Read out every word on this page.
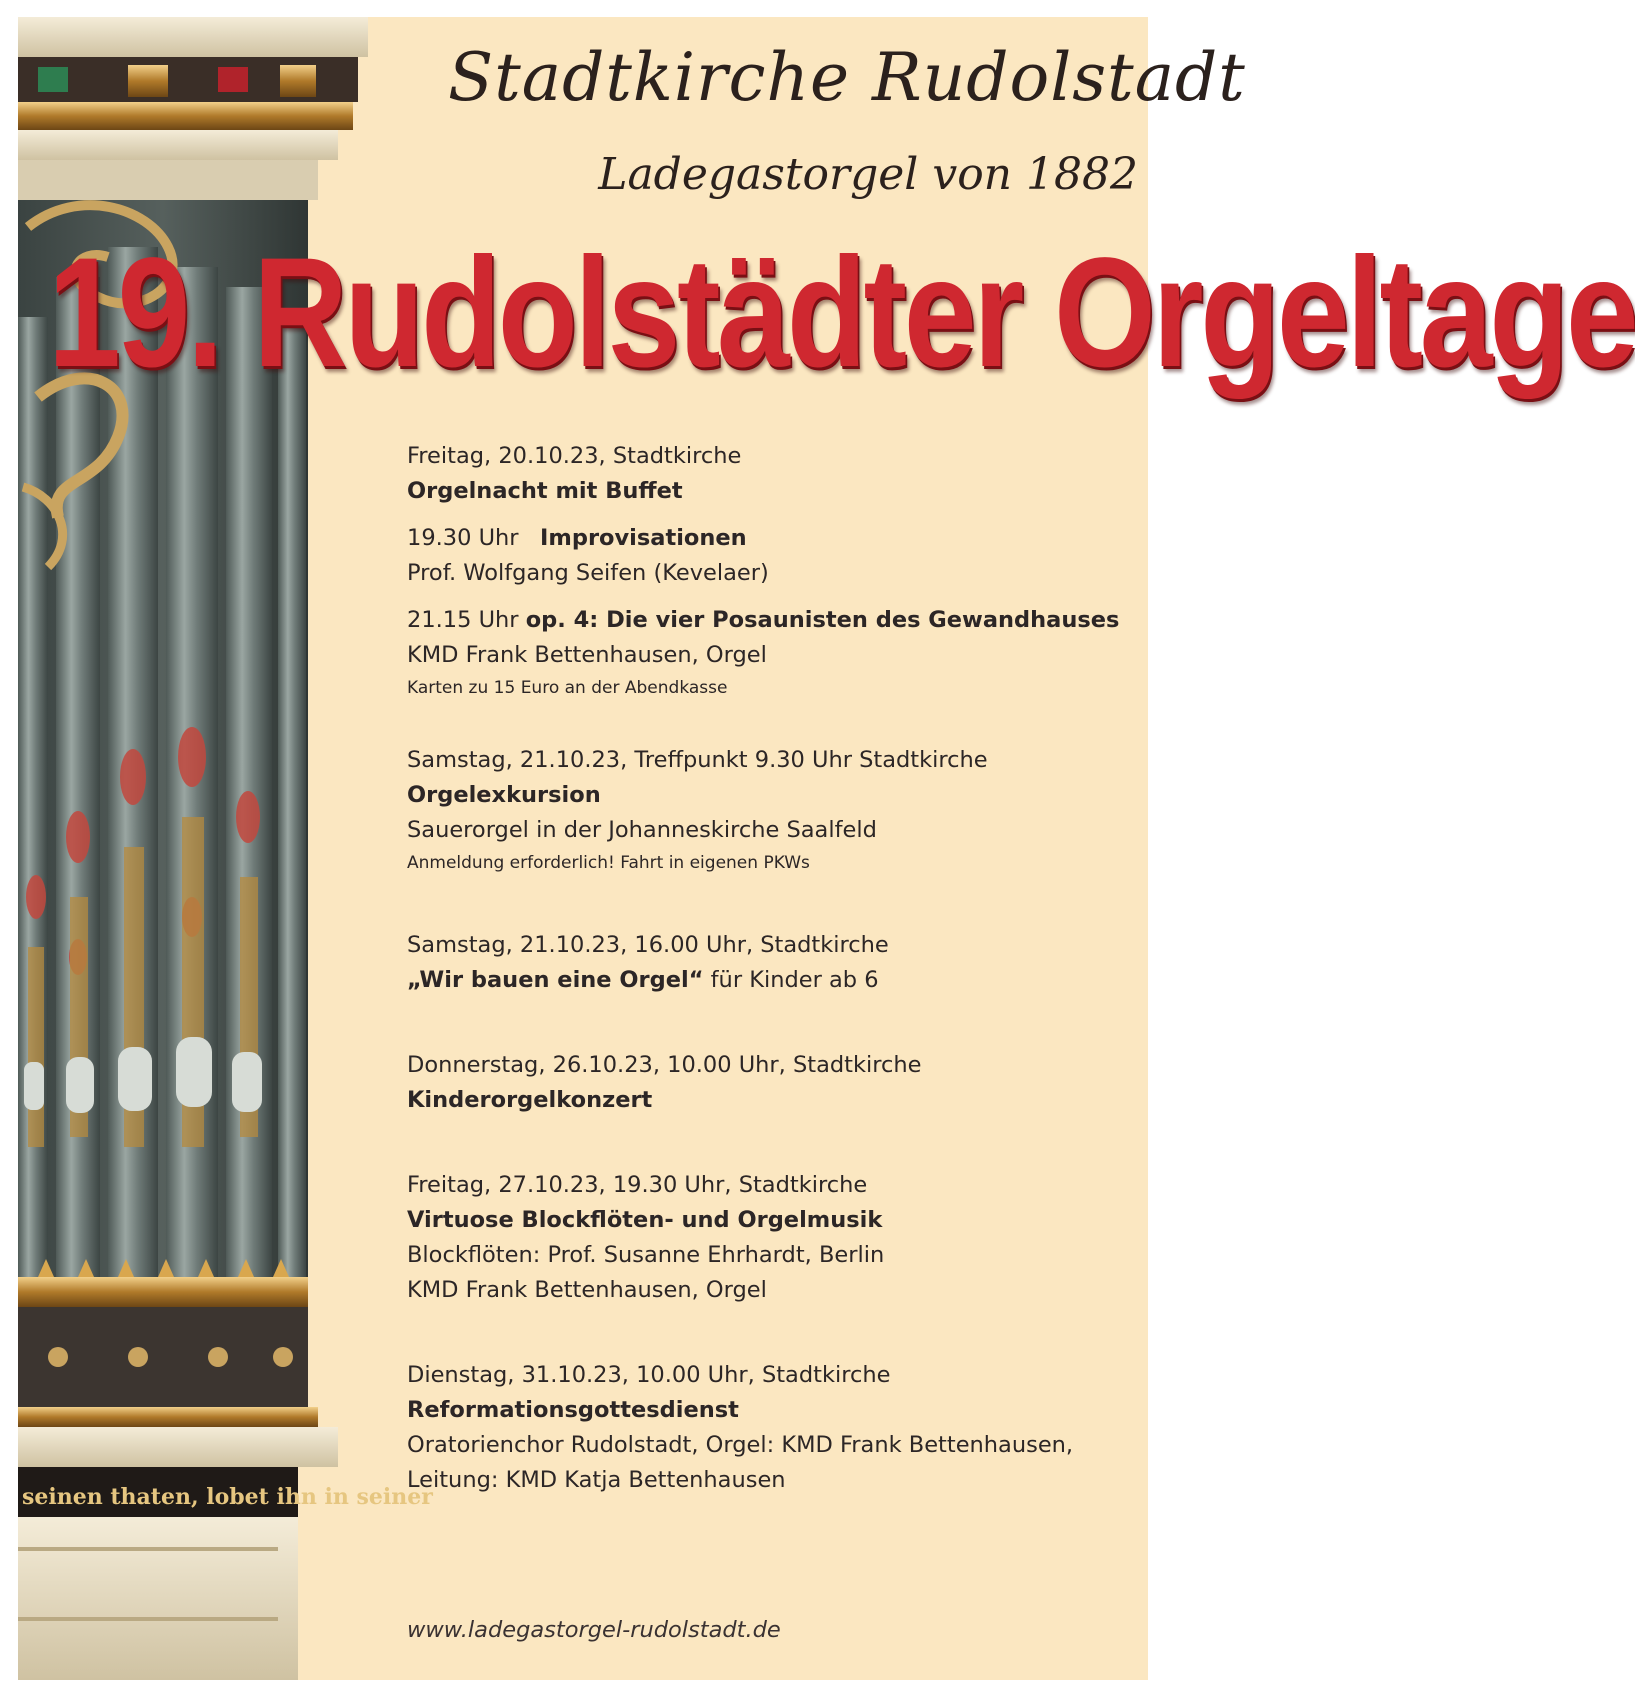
seinen thaten, lobet ihn in seiner
Stadtkirche Rudolstadt
Ladegastorgel von 1882
19. Rudolstädter Orgeltage
Freitag, 20.10.23, Stadtkirche
Orgelnacht mit Buffet
19.30 Uhr Improvisationen
Prof. Wolfgang Seifen (Kevelaer)
21.15 Uhr op. 4: Die vier Posaunisten des Gewandhauses
KMD Frank Bettenhausen, Orgel
Karten zu 15 Euro an der Abendkasse
Samstag, 21.10.23, Treffpunkt 9.30 Uhr Stadtkirche
Orgelexkursion
Sauerorgel in der Johanneskirche Saalfeld
Anmeldung erforderlich! Fahrt in eigenen PKWs
Samstag, 21.10.23, 16.00 Uhr, Stadtkirche
„Wir bauen eine Orgel“ für Kinder ab 6
Donnerstag, 26.10.23, 10.00 Uhr, Stadtkirche
Kinderorgelkonzert
Freitag, 27.10.23, 19.30 Uhr, Stadtkirche
Virtuose Blockflöten- und Orgelmusik
Blockflöten: Prof. Susanne Ehrhardt, Berlin
KMD Frank Bettenhausen, Orgel
Dienstag, 31.10.23, 10.00 Uhr, Stadtkirche
Reformationsgottesdienst
Oratorienchor Rudolstadt, Orgel: KMD Frank Bettenhausen,
Leitung: KMD Katja Bettenhausen
www.ladegastorgel-rudolstadt.de
